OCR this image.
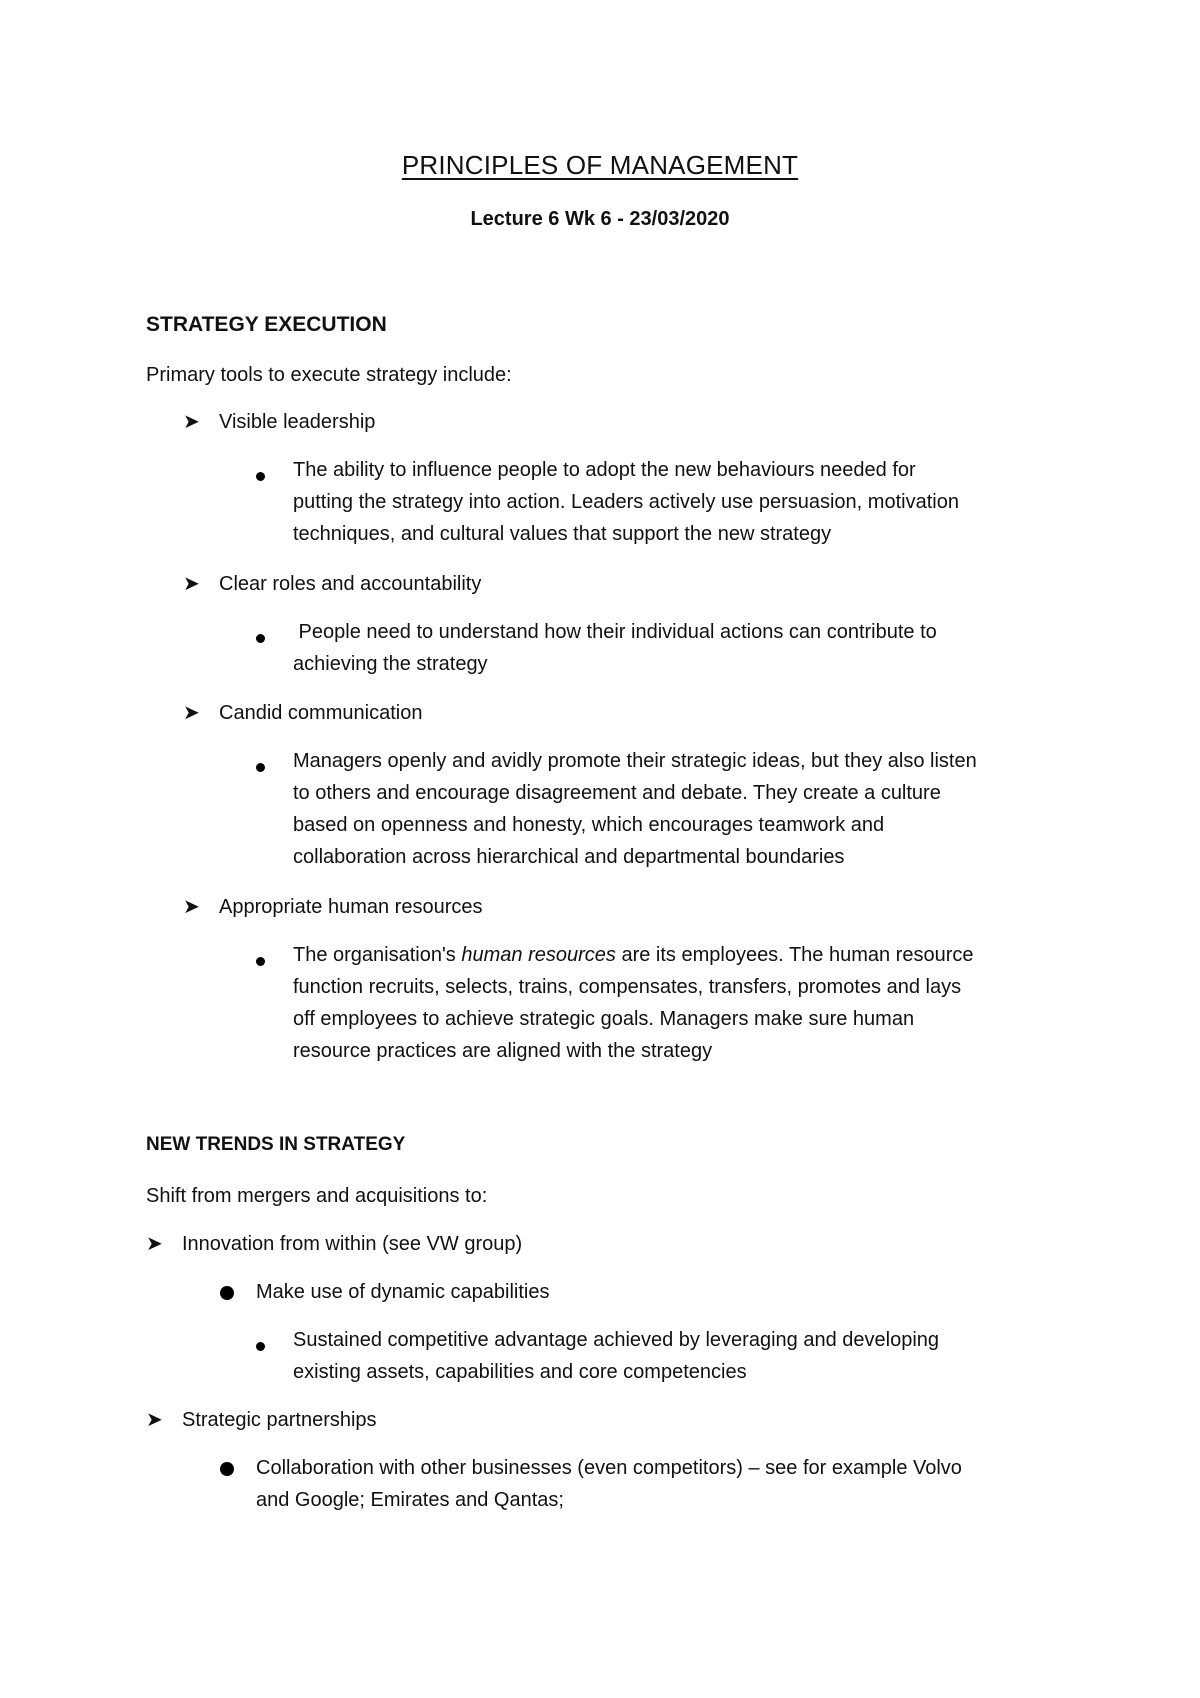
PRINCIPLES OF MANAGEMENT
Lecture 6 Wk 6 - 23/03/2020
STRATEGY EXECUTION
Primary tools to execute strategy include:
➤ Visible leadership
The ability to influence people to adopt the new behaviours needed for
putting the strategy into action. Leaders actively use persuasion, motivation
techniques, and cultural values that support the new strategy
➤ Clear roles and accountability
People need to understand how their individual actions can contribute to
achieving the strategy
➤ Candid communication
Managers openly and avidly promote their strategic ideas, but they also listen
to others and encourage disagreement and debate. They create a culture
based on openness and honesty, which encourages teamwork and
collaboration across hierarchical and departmental boundaries
➤ Appropriate human resources
The organisation's human resources are its employees. The human resource
function recruits, selects, trains, compensates, transfers, promotes and lays
off employees to achieve strategic goals. Managers make sure human
resource practices are aligned with the strategy
NEW TRENDS IN STRATEGY
Shift from mergers and acquisitions to:
➤ Innovation from within (see VW group)
Make use of dynamic capabilities
Sustained competitive advantage achieved by leveraging and developing
existing assets, capabilities and core competencies
➤ Strategic partnerships
Collaboration with other businesses (even competitors) – see for example Volvo
and Google; Emirates and Qantas;
